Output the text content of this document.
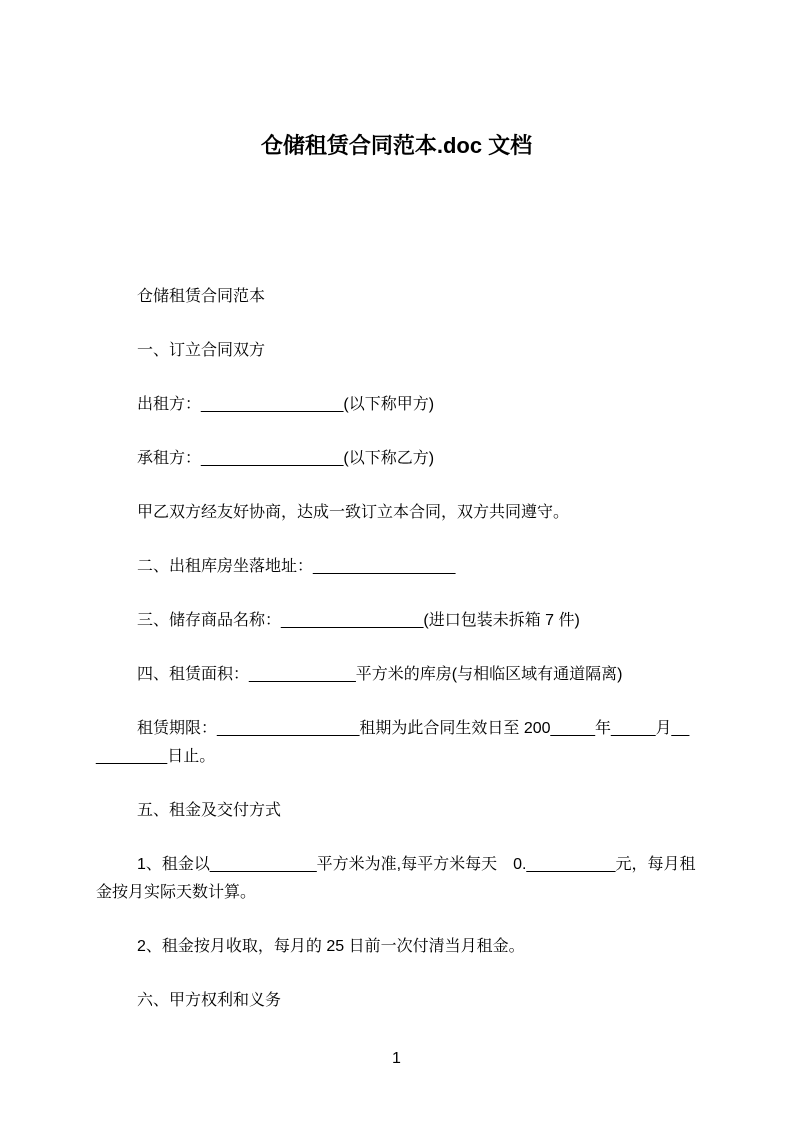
仓储租赁合同范本.doc 文档

仓储租赁合同范本

一、订立合同双方

出租方：________________(以下称甲方)

承租方：________________(以下称乙方)

甲乙双方经友好协商，达成一致订立本合同，双方共同遵守。

二、出租库房坐落地址：________________

三、储存商品名称：________________(进口包装未拆箱 7 件)

四、租赁面积：____________平方米的库房(与相临区域有通道隔离)

租赁期限：________________租期为此合同生效日至 200_____年_____月__________日止。

五、租金及交付方式

1、租金以____________平方米为准,每平方米每天　0.__________元，每月租金按月实际天数计算。

2、租金按月收取，每月的 25 日前一次付清当月租金。

六、甲方权利和义务

1
